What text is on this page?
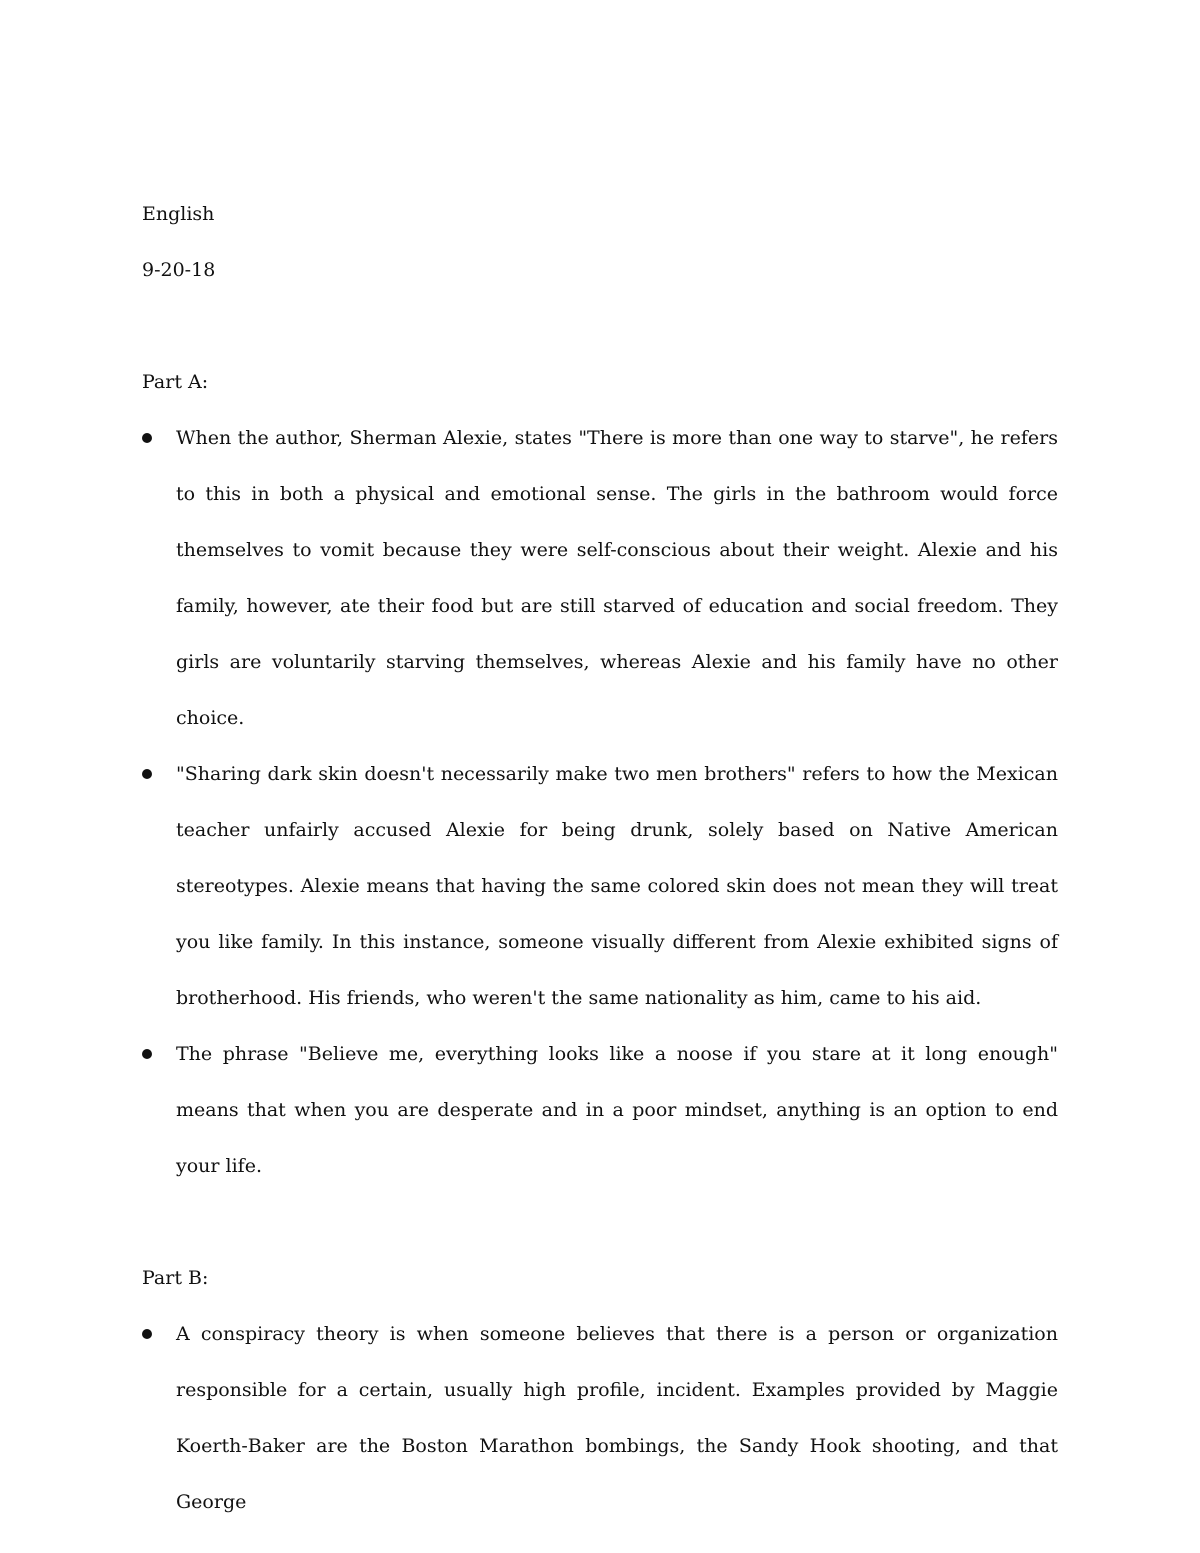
English

9-20-18

Part A:

When the author, Sherman Alexie, states "There is more than one way to starve", he refers to this in both a physical and emotional sense. The girls in the bathroom would force themselves to vomit because they were self-conscious about their weight. Alexie and his family, however, ate their food but are still starved of education and social freedom. They girls are voluntarily starving themselves, whereas Alexie and his family have no other choice.
"Sharing dark skin doesn't necessarily make two men brothers" refers to how the Mexican teacher unfairly accused Alexie for being drunk, solely based on Native American stereotypes. Alexie means that having the same colored skin does not mean they will treat you like family. In this instance, someone visually different from Alexie exhibited signs of brotherhood. His friends, who weren't the same nationality as him, came to his aid.
The phrase "Believe me, everything looks like a noose if you stare at it long enough" means that when you are desperate and in a poor mindset, anything is an option to end your life.

Part B:

A conspiracy theory is when someone believes that there is a person or organization responsible for a certain, usually high profile, incident. Examples provided by Maggie Koerth-Baker are the Boston Marathon bombings, the Sandy Hook shooting, and that George
